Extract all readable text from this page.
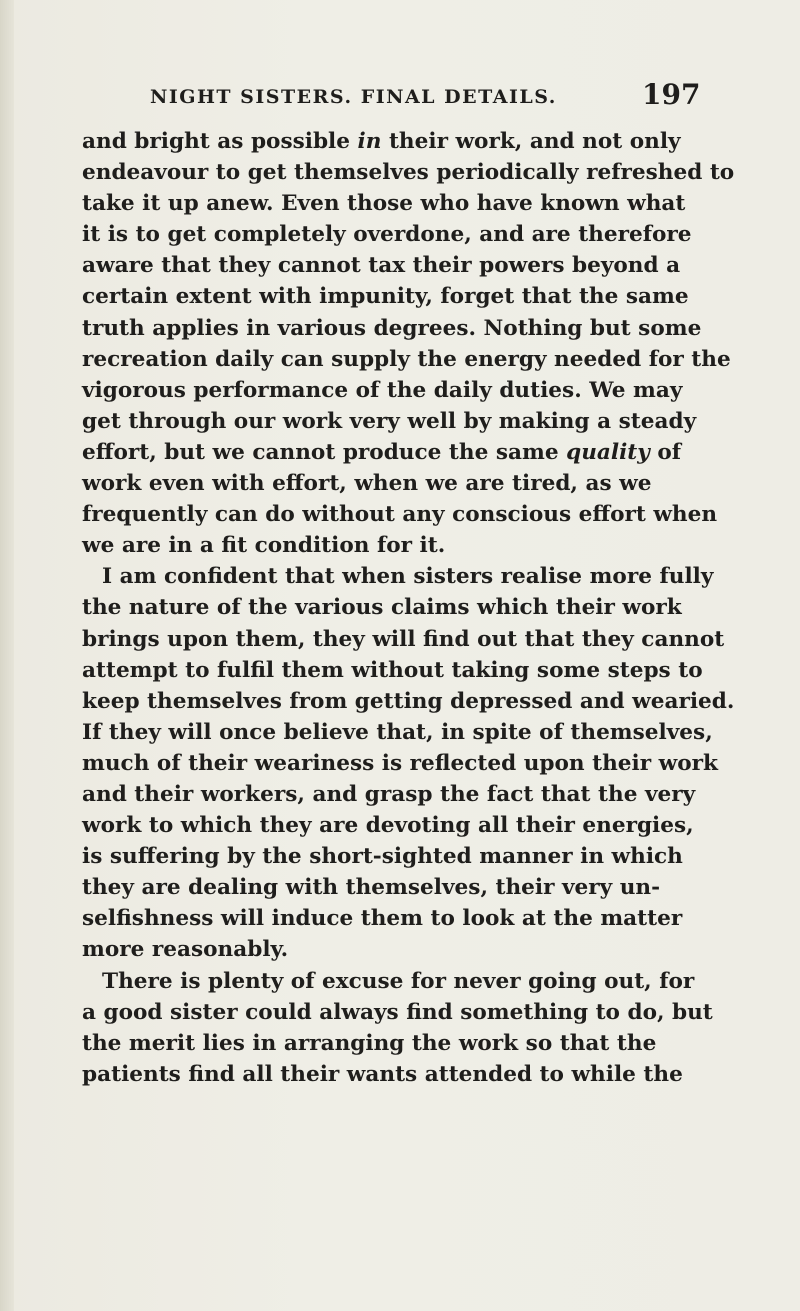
NIGHT SISTERS. FINAL DETAILS.	197
and bright as possible in their work, and not only
endeavour to get themselves periodically refreshed to
take it up anew. Even those who have known what
it is to get completely overdone, and are therefore
aware that they cannot tax their powers beyond a
certain extent with impunity, forget that the same
truth applies in various degrees. Nothing but some
recreation daily can supply the energy needed for the
vigorous performance of the daily duties. We may
get through our work very well by making a steady
effort, but we cannot produce the same quality of
work even with effort, when we are tired, as we
frequently can do without any conscious effort when
we are in a fit condition for it.
I am confident that when sisters realise more fully
the nature of the various claims which their work
brings upon them, they will find out that they cannot
attempt to fulfil them without taking some steps to
keep themselves from getting depressed and wearied.
If they will once believe that, in spite of themselves,
much of their weariness is reflected upon their work
and their workers, and grasp the fact that the very
work to which they are devoting all their energies,
is suffering by the short-sighted manner in which
they are dealing with themselves, their very un-
selfishness will induce them to look at the matter
more reasonably.
There is plenty of excuse for never going out, for
a good sister could always find something to do, but
the merit lies in arranging the work so that the
patients find all their wants attended to while the
